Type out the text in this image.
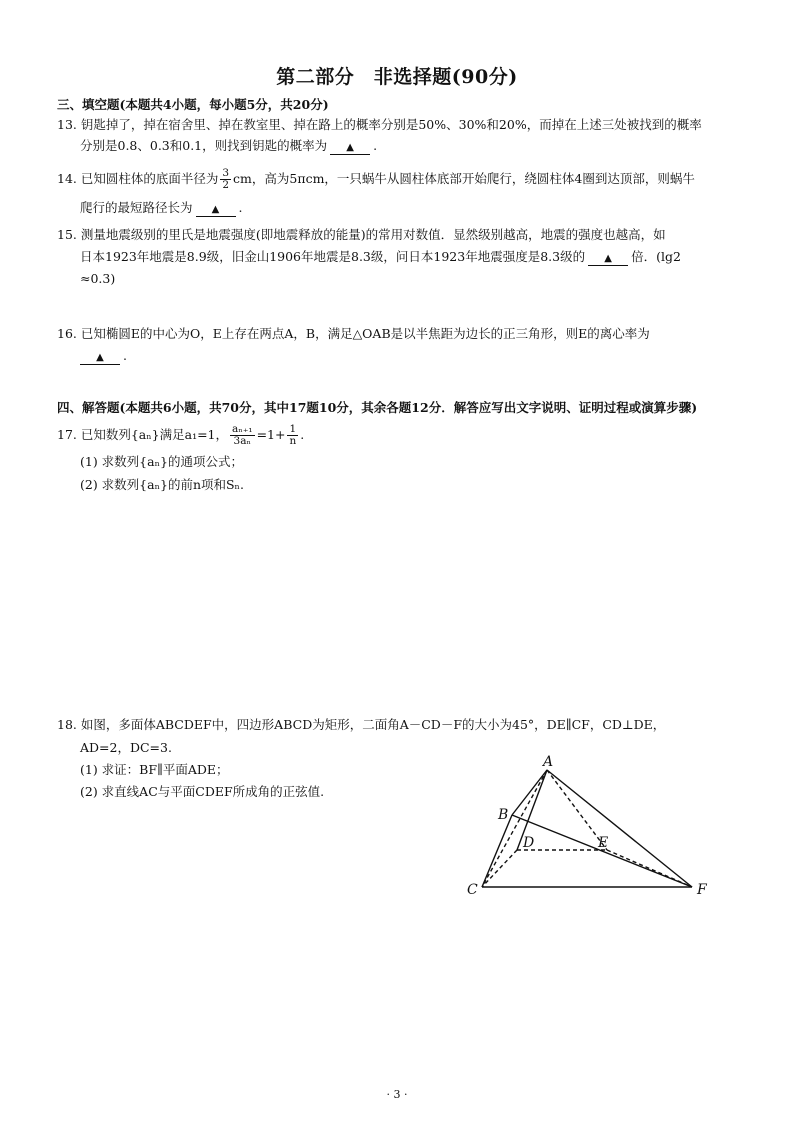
第二部分　非选择题(90分)
三、填空题(本题共4小题，每小题5分，共20分)
13. 钥匙掉了，掉在宿舍里、掉在教室里、掉在路上的概率分别是50%、30%和20%，而掉在上述三处被找到的概率
分别是0.8、0.3和0.1，则找到钥匙的概率为 ▲ .
14. 已知圆柱体的底面半径为 $\frac{3}{2}$ cm，高为5πcm，一只蜗牛从圆柱体底部开始爬行，绕圆柱体4圈到达顶部，则蜗牛
爬行的最短路径长为 ▲ .
15. 测量地震级别的里氏是地震强度(即地震释放的能量)的常用对数值．显然级别越高，地震的强度也越高，如
日本1923年地震是8.9级，旧金山1906年地震是8.3级，问日本1923年地震强度是8.3级的 ▲ 倍．(lg2
≈0.3)
16. 已知椭圆E的中心为O，E上存在两点A，B，满足△OAB是以半焦距为边长的正三角形，则E的离心率为
▲ .
四、解答题(本题共6小题，共70分，其中17题10分，其余各题12分．解答应写出文字说明、证明过程或演算步骤)
17. 已知数列{aₙ}满足a₁=1， $\frac{\text{aₙ₊₁}}{\text{3aₙ}} =1+ \frac{1}{n}$ .
(1) 求数列{aₙ}的通项公式；
(2) 求数列{aₙ}的前n项和Sₙ.
18. 如图，多面体ABCDEF中，四边形ABCD为矩形，二面角A－CD－F的大小为45°，DE∥CF，CD⊥DE，
AD=2，DC=3.
(1) 求证：BF∥平面ADE；
(2) 求直线AC与平面CDEF所成角的正弦值.
A
B
C
D	E
F
· 3 ·
